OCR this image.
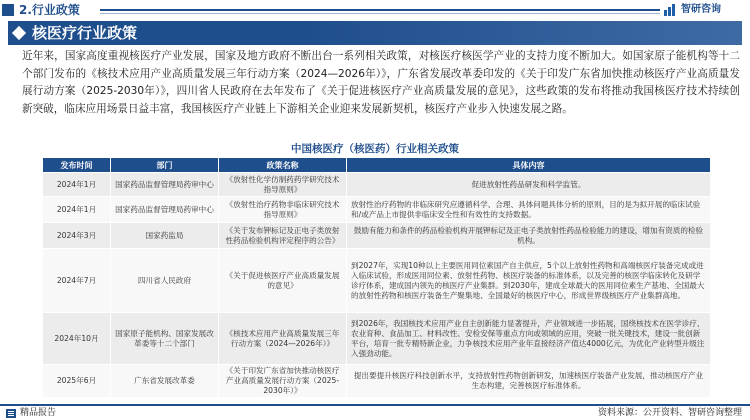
2.行业政策	智研咨询
核医疗行业政策

近年来，国家高度重视核医疗产业发展，国家及地方政府不断出台一系列相关政策，对核医疗核医学产业的支持力度不断加大。如国家原子能机构等十二个部门发布的《核技术应用产业高质量发展三年行动方案（2024—2026年）》，广东省发展改革委印发的《关于印发广东省加快推动核医疗产业高质量发展行动方案（2025-2030年）》，四川省人民政府在去年发布了《关于促进核医疗产业高质量发展的意见》，这些政策的发布将推动我国核医疗技术持续创新突破，临床应用场景日益丰富，我国核医疗产业链上下游相关企业迎来发展新契机，核医疗产业步入快速发展之路。

中国核医疗（核医药）行业相关政策
发布时间	部门	政策名称	具体内容
2024年1月	国家药品监督管理局药审中心	《放射性化学仿制药药学研究技术指导原则》	促进放射性药品研发和科学监管。
2024年1月	国家药品监督管理局药审中心	《放射性治疗药物非临床研究技术指导原则》	放射性治疗药物的非临床研究应遵循科学、合理、具体问题具体分析的原则，目的是为拟开展的临床试验和/或产品上市提供非临床安全性和有效性的支持数据。
2024年3月	国家药监局	《关于发布钾标记及正电子类放射性药品检验机构评定程序的公告》	鼓励有能力和条件的药品检验机构开展钾标记及正电子类放射性药品检验能力的建设，增加有资质的检验机构。
2024年7月	四川省人民政府	《关于促进核医疗产业高质量发展的意见》	到2027年，实现10种以上主要医用同位素国产自主供应，5个以上放射性药物和高端核医疗装备完成或进入临床试验，形成医用同位素、放射性药物、核医疗装备的标准体系，以及完善的核医学临床转化及研学诊疗体系，建成国内领先的核医疗产业集群。到2030年，建成全球最大的医用同位素生产基地、全国最大的放射性药物和核医疗装备生产聚集地、全国最好的核医疗中心，形成世界级核医疗产业集群高地。
2024年10月	国家原子能机构、国家发展改革委等十二个部门	《核技术应用产业高质量发展三年行动方案（2024—2026年）》	到2026年，我国核技术应用产业自主创新能力显著提升，产业领域进一步拓展，国绕核技术在医学诊疗、农业育种、食品加工、材料改性、安检安保等重点方向或领域的应用，突破一批关键技术，建设一批创新平台，培育一批专精特新企业，力争核技术应用产业年直接经济产值达4000亿元，为优化产业转型升级注入强劲动能。
2025年6月	广东省发展改革委	《关于印发广东省加快推动核医疗产业高质量发展行动方案（2025-2030年）》	提出要提升核医疗科技创新水平，支持放射性药物创新研发，加速核医疗装备产业发展，推动核医疗产业生态构建，完善核医疗标准体系。
精品报告	资料来源：公开资料、智研咨询整理
